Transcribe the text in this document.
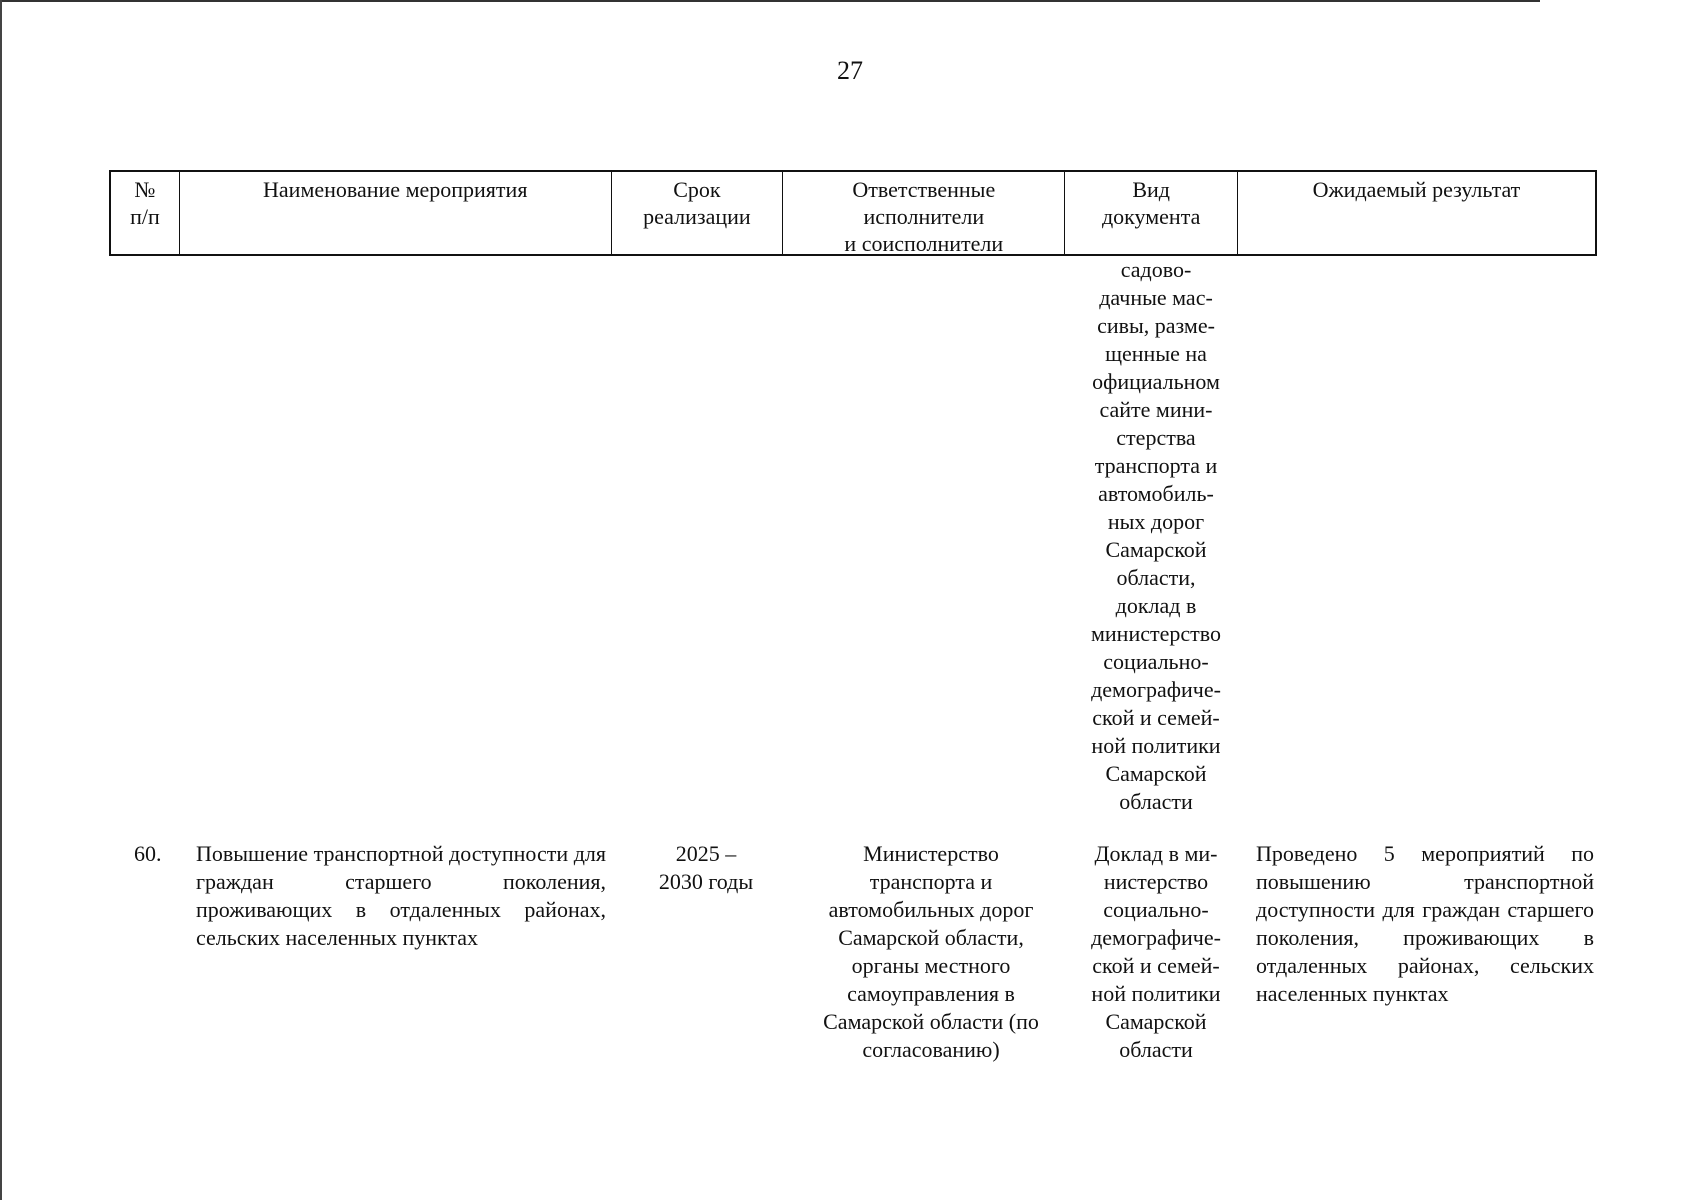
27
№
п/п
Наименование мероприятия	Срок
реализации
Ответственные
исполнители
и соисполнители
Вид
документа
Ожидаемый результат
садово-
дачные мас-
сивы, разме-
щенные на
официальном
сайте мини-
стерства
транспорта и
автомобиль-
ных дорог
Самарской
области,
доклад в
министерство
социально-
демографиче-
ской и семей-
ной политики
Самарской
области
60.	Повышение транспортной доступности для граждан старшего поколения, проживающих в отдаленных районах, сельских населенных пунктах
2025 –
2030 годы
Министерство
транспорта и
автомобильных дорог
Самарской области,
органы местного
самоуправления в
Самарской области (по
согласованию)
Доклад в ми-
нистерство
социально-
демографиче-
ской и семей-
ной политики
Самарской
области
Проведено 5 мероприятий по повышению транспортной доступности для граждан старшего поколения, проживающих в отдаленных районах, сельских населенных пунктах
